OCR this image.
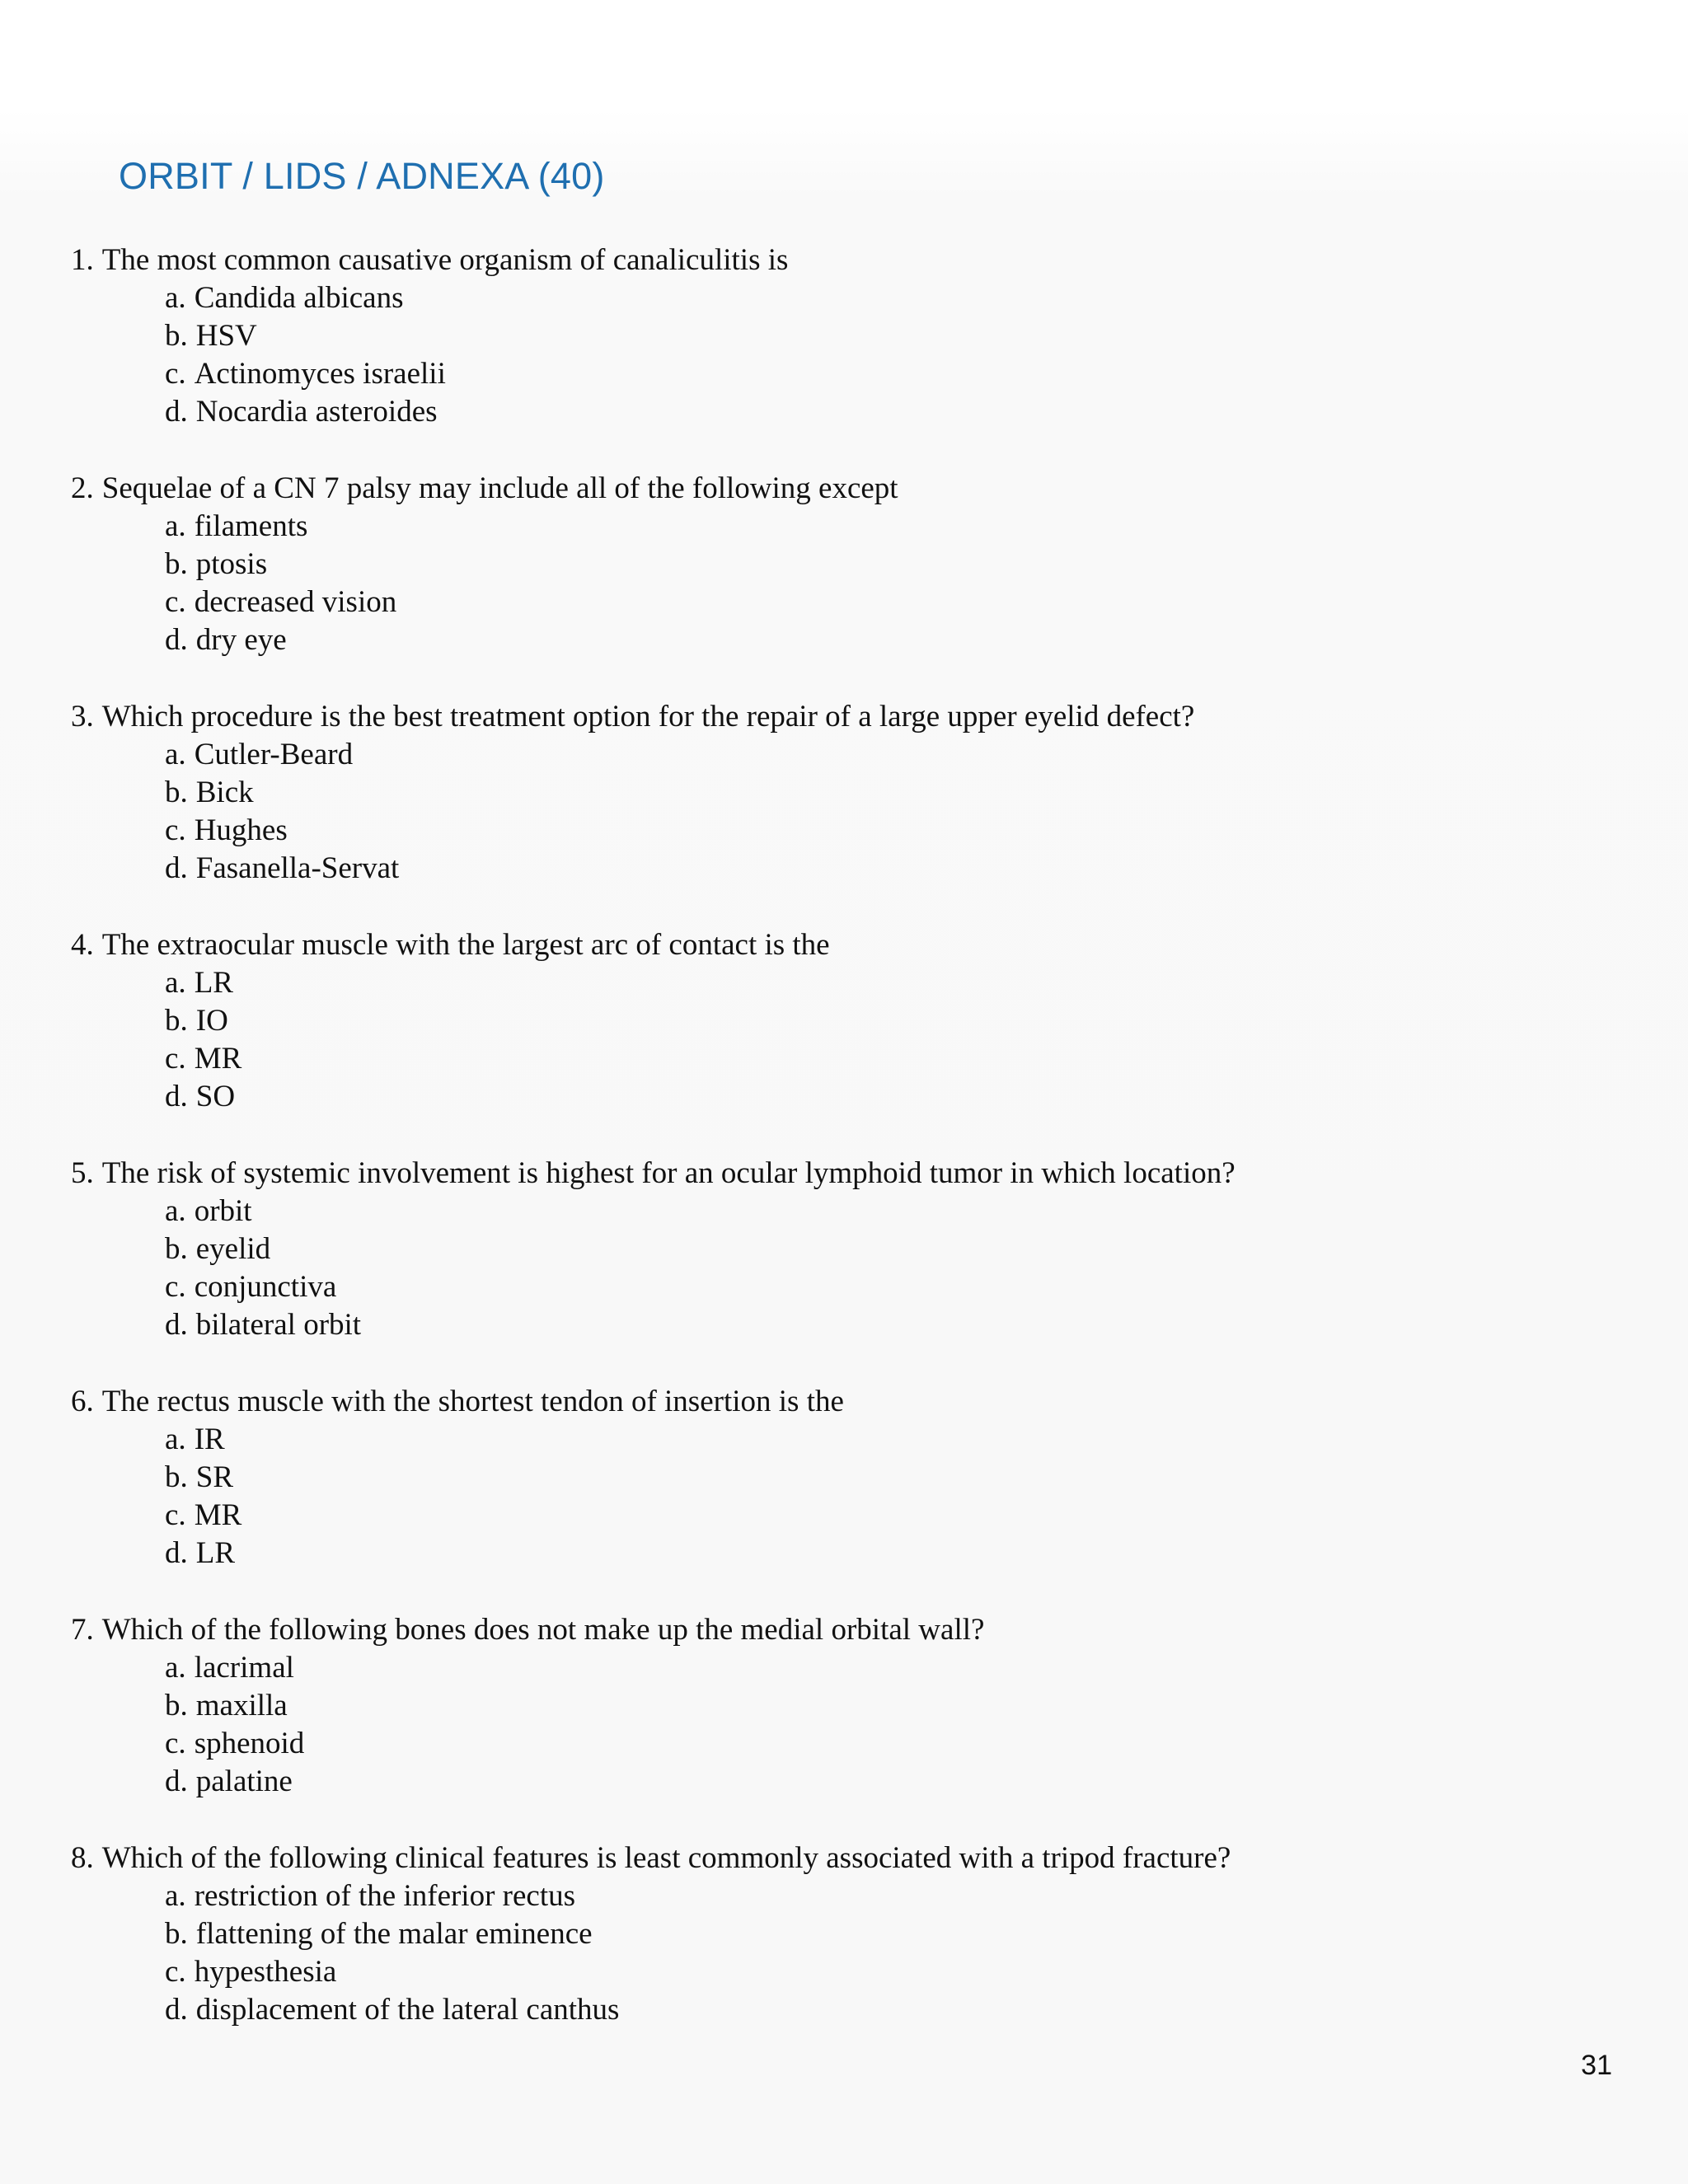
ORBIT / LIDS / ADNEXA (40)
1. The most common causative organism of canaliculitis is
a. Candida albicans
b. HSV
c. Actinomyces israelii
d. Nocardia asteroides
2. Sequelae of a CN 7 palsy may include all of the following except
a. filaments
b. ptosis
c. decreased vision
d. dry eye
3. Which procedure is the best treatment option for the repair of a large upper eyelid defect?
a. Cutler-Beard
b. Bick
c. Hughes
d. Fasanella-Servat
4. The extraocular muscle with the largest arc of contact is the
a. LR
b. IO
c. MR
d. SO
5. The risk of systemic involvement is highest for an ocular lymphoid tumor in which location?
a. orbit
b. eyelid
c. conjunctiva
d. bilateral orbit
6. The rectus muscle with the shortest tendon of insertion is the
a. IR
b. SR
c. MR
d. LR
7. Which of the following bones does not make up the medial orbital wall?
a. lacrimal
b. maxilla
c. sphenoid
d. palatine
8. Which of the following clinical features is least commonly associated with a tripod fracture?
a. restriction of the inferior rectus
b. flattening of the malar eminence
c. hypesthesia
d. displacement of the lateral canthus
31
